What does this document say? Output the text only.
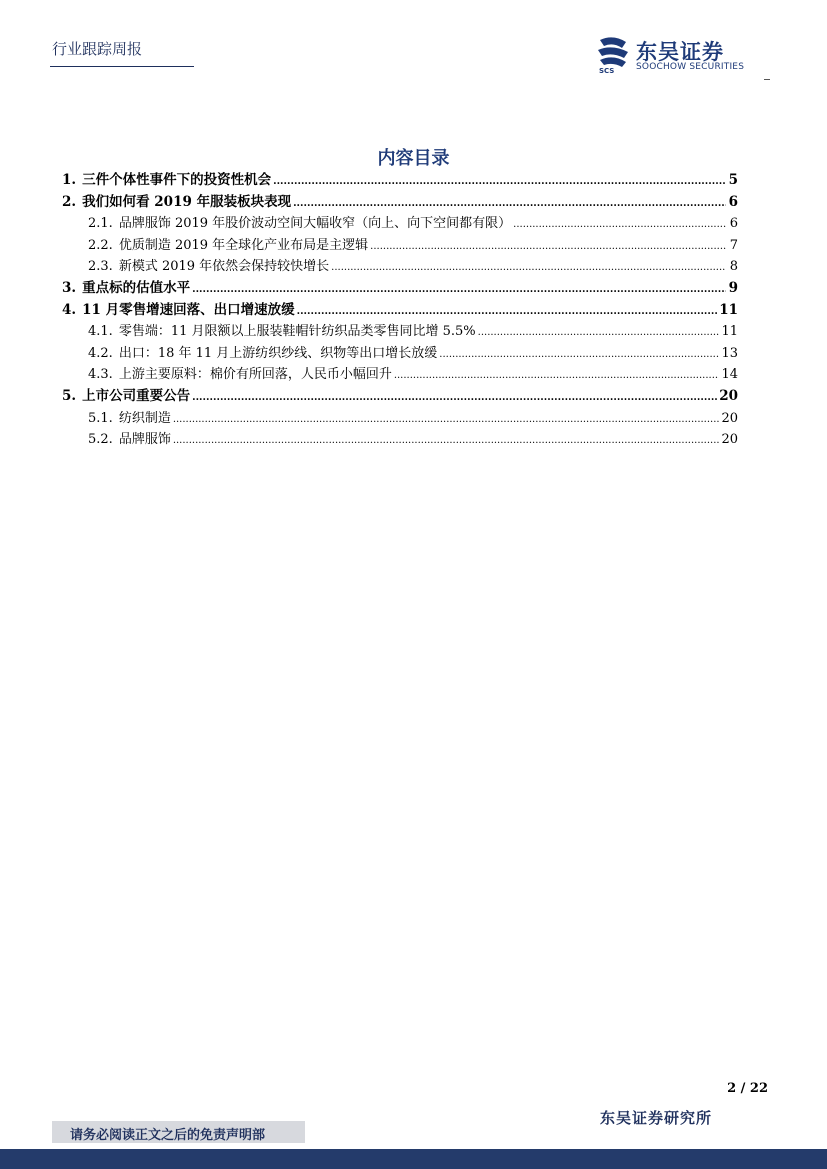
行业跟踪周报
SCS
东吴证券
SOOCHOW SECURITIES
内容目录
1. 三件个体性事件下的投资性机会 .....	5
2. 我们如何看 2019 年服装板块表现 .....	6
2.1. 品牌服饰 2019 年股价波动空间大幅收窄（向上、向下空间都有限） .....	6
2.2. 优质制造 2019 年全球化产业布局是主逻辑 .....	7
2.3. 新模式 2019 年依然会保持较快增长 .....	8
3. 重点标的估值水平 .....	9
4. 11 月零售增速回落、出口增速放缓 .....	11
4.1. 零售端：11 月限额以上服装鞋帽针纺织品类零售同比增 5.5% .....	11
4.2. 出口：18 年 11 月上游纺织纱线、织物等出口增长放缓 .....	13
4.3. 上游主要原料：棉价有所回落，人民币小幅回升 .....	14
5. 上市公司重要公告 .....	20
5.1. 纺织制造 .....	20
5.2. 品牌服饰 .....	20
2 / 22
东吴证券研究所
请务必阅读正文之后的免责声明部
